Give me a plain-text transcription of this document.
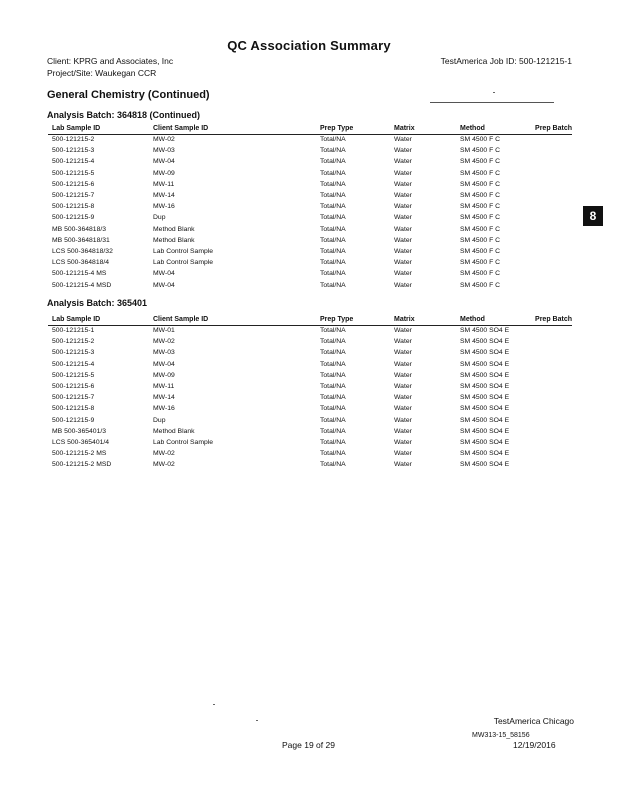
QC Association Summary
Client: KPRG and Associates, Inc	TestAmerica Job ID: 500-121215-1
Project/Site: Waukegan CCR
General Chemistry (Continued)
8
Analysis Batch: 364818 (Continued)
Lab Sample ID	Client Sample ID	Prep Type	Matrix	Method	Prep Batch
500-121215-2	MW-02	Total/NA	Water	SM 4500 F C
500-121215-3	MW-03	Total/NA	Water	SM 4500 F C
500-121215-4	MW-04	Total/NA	Water	SM 4500 F C
500-121215-5	MW-09	Total/NA	Water	SM 4500 F C
500-121215-6	MW-11	Total/NA	Water	SM 4500 F C
500-121215-7	MW-14	Total/NA	Water	SM 4500 F C
500-121215-8	MW-16	Total/NA	Water	SM 4500 F C
500-121215-9	Dup	Total/NA	Water	SM 4500 F C
MB 500-364818/3	Method Blank	Total/NA	Water	SM 4500 F C
MB 500-364818/31	Method Blank	Total/NA	Water	SM 4500 F C
LCS 500-364818/32	Lab Control Sample	Total/NA	Water	SM 4500 F C
LCS 500-364818/4	Lab Control Sample	Total/NA	Water	SM 4500 F C
500-121215-4 MS	MW-04	Total/NA	Water	SM 4500 F C
500-121215-4 MSD	MW-04	Total/NA	Water	SM 4500 F C
Analysis Batch: 365401
Lab Sample ID	Client Sample ID	Prep Type	Matrix	Method	Prep Batch
500-121215-1	MW-01	Total/NA	Water	SM 4500 SO4 E
500-121215-2	MW-02	Total/NA	Water	SM 4500 SO4 E
500-121215-3	MW-03	Total/NA	Water	SM 4500 SO4 E
500-121215-4	MW-04	Total/NA	Water	SM 4500 SO4 E
500-121215-5	MW-09	Total/NA	Water	SM 4500 SO4 E
500-121215-6	MW-11	Total/NA	Water	SM 4500 SO4 E
500-121215-7	MW-14	Total/NA	Water	SM 4500 SO4 E
500-121215-8	MW-16	Total/NA	Water	SM 4500 SO4 E
500-121215-9	Dup	Total/NA	Water	SM 4500 SO4 E
MB 500-365401/3	Method Blank	Total/NA	Water	SM 4500 SO4 E
LCS 500-365401/4	Lab Control Sample	Total/NA	Water	SM 4500 SO4 E
500-121215-2 MS	MW-02	Total/NA	Water	SM 4500 SO4 E
500-121215-2 MSD	MW-02	Total/NA	Water	SM 4500 SO4 E
TestAmerica Chicago
MW313-15_58156
Page 19 of 29	12/19/2016
